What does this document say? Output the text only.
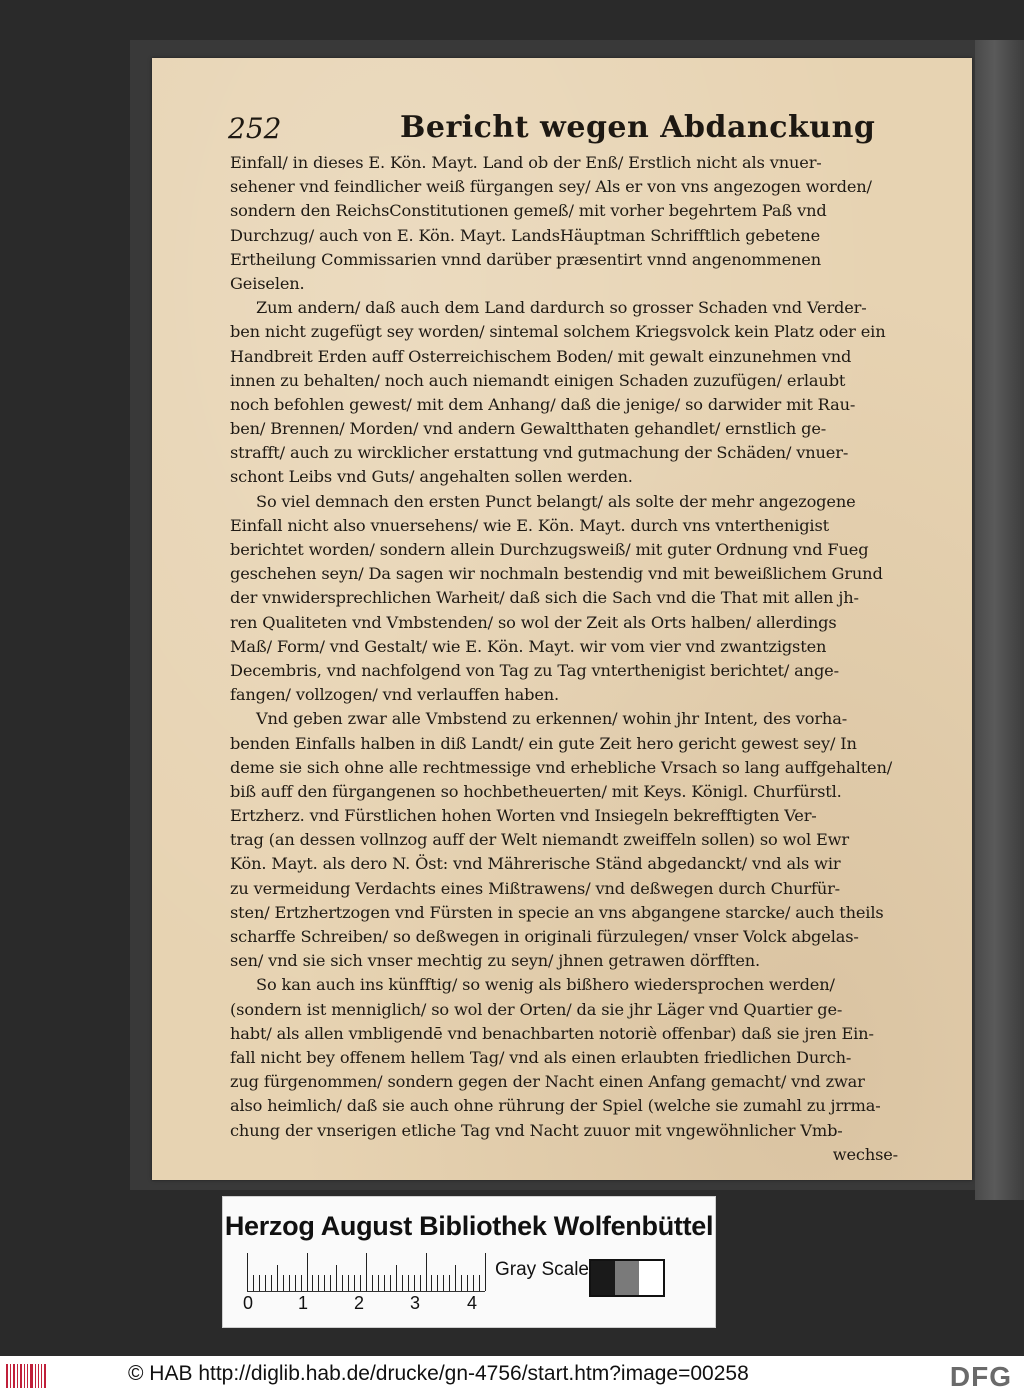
252	Bericht wegen Abdanckung
Einfall/ in dieses E. Kön. Mayt. Land ob der Enß/ Erstlich nicht als vnuer-
sehener vnd feindlicher weiß fürgangen sey/ Als er von vns angezogen worden/
sondern den ReichsConstitutionen gemeß/ mit vorher begehrtem Paß vnd
Durchzug/ auch von E. Kön. Mayt. LandsHäuptman Schrifftlich gebetene
Ertheilung Commissarien vnnd darüber præsentirt vnnd angenommenen
Geiselen.
Zum andern/ daß auch dem Land dardurch so grosser Schaden vnd Verder-
ben nicht zugefügt sey worden/ sintemal solchem Kriegsvolck kein Platz oder ein
Handbreit Erden auff Osterreichischem Boden/ mit gewalt einzunehmen vnd
innen zu behalten/ noch auch niemandt einigen Schaden zuzufügen/ erlaubt
noch befohlen gewest/ mit dem Anhang/ daß die jenige/ so darwider mit Rau-
ben/ Brennen/ Morden/ vnd andern Gewaltthaten gehandlet/ ernstlich ge-
strafft/ auch zu wircklicher erstattung vnd gutmachung der Schäden/ vnuer-
schont Leibs vnd Guts/ angehalten sollen werden.
So viel demnach den ersten Punct belangt/ als solte der mehr angezogene
Einfall nicht also vnuersehens/ wie E. Kön. Mayt. durch vns vnterthenigist
berichtet worden/ sondern allein Durchzugsweiß/ mit guter Ordnung vnd Fueg
geschehen seyn/ Da sagen wir nochmaln bestendig vnd mit beweißlichem Grund
der vnwidersprechlichen Warheit/ daß sich die Sach vnd die That mit allen jh-
ren Qualiteten vnd Vmbstenden/ so wol der Zeit als Orts halben/ allerdings
Maß/ Form/ vnd Gestalt/ wie E. Kön. Mayt. wir vom vier vnd zwantzigsten
Decembris, vnd nachfolgend von Tag zu Tag vnterthenigist berichtet/ ange-
fangen/ vollzogen/ vnd verlauffen haben.
Vnd geben zwar alle Vmbstend zu erkennen/ wohin jhr Intent, des vorha-
benden Einfalls halben in diß Landt/ ein gute Zeit hero gericht gewest sey/ In
deme sie sich ohne alle rechtmessige vnd erhebliche Vrsach so lang auffgehalten/
biß auff den fürgangenen so hochbetheuerten/ mit Keys. Königl. Churfürstl.
Ertzherz. vnd Fürstlichen hohen Worten vnd Insiegeln bekrefftigten Ver-
trag (an dessen vollnzog auff der Welt niemandt zweiffeln sollen) so wol Ewr
Kön. Mayt. als dero N. Öst: vnd Mährerische Ständ abgedanckt/ vnd als wir
zu vermeidung Verdachts eines Mißtrawens/ vnd deßwegen durch Churfür-
sten/ Ertzhertzogen vnd Fürsten in specie an vns abgangene starcke/ auch theils
scharffe Schreiben/ so deßwegen in originali fürzulegen/ vnser Volck abgelas-
sen/ vnd sie sich vnser mechtig zu seyn/ jhnen getrawen dörfften.
So kan auch ins künfftig/ so wenig als bißhero wiedersprochen werden/
(sondern ist menniglich/ so wol der Orten/ da sie jhr Läger vnd Quartier ge-
habt/ als allen vmbligendē vnd benachbarten notoriè offenbar) daß sie jren Ein-
fall nicht bey offenem hellem Tag/ vnd als einen erlaubten friedlichen Durch-
zug fürgenommen/ sondern gegen der Nacht einen Anfang gemacht/ vnd zwar
also heimlich/ daß sie auch ohne rührung der Spiel (welche sie zumahl zu jrrma-
chung der vnserigen etliche Tag vnd Nacht zuuor mit vngewöhnlicher Vmb-
wechse-
Herzog August Bibliothek Wolfenbüttel
0 1	2	3	4
Gray Scale
© HAB http://diglib.hab.de/drucke/gn-4756/start.htm?image=00258	DFG
